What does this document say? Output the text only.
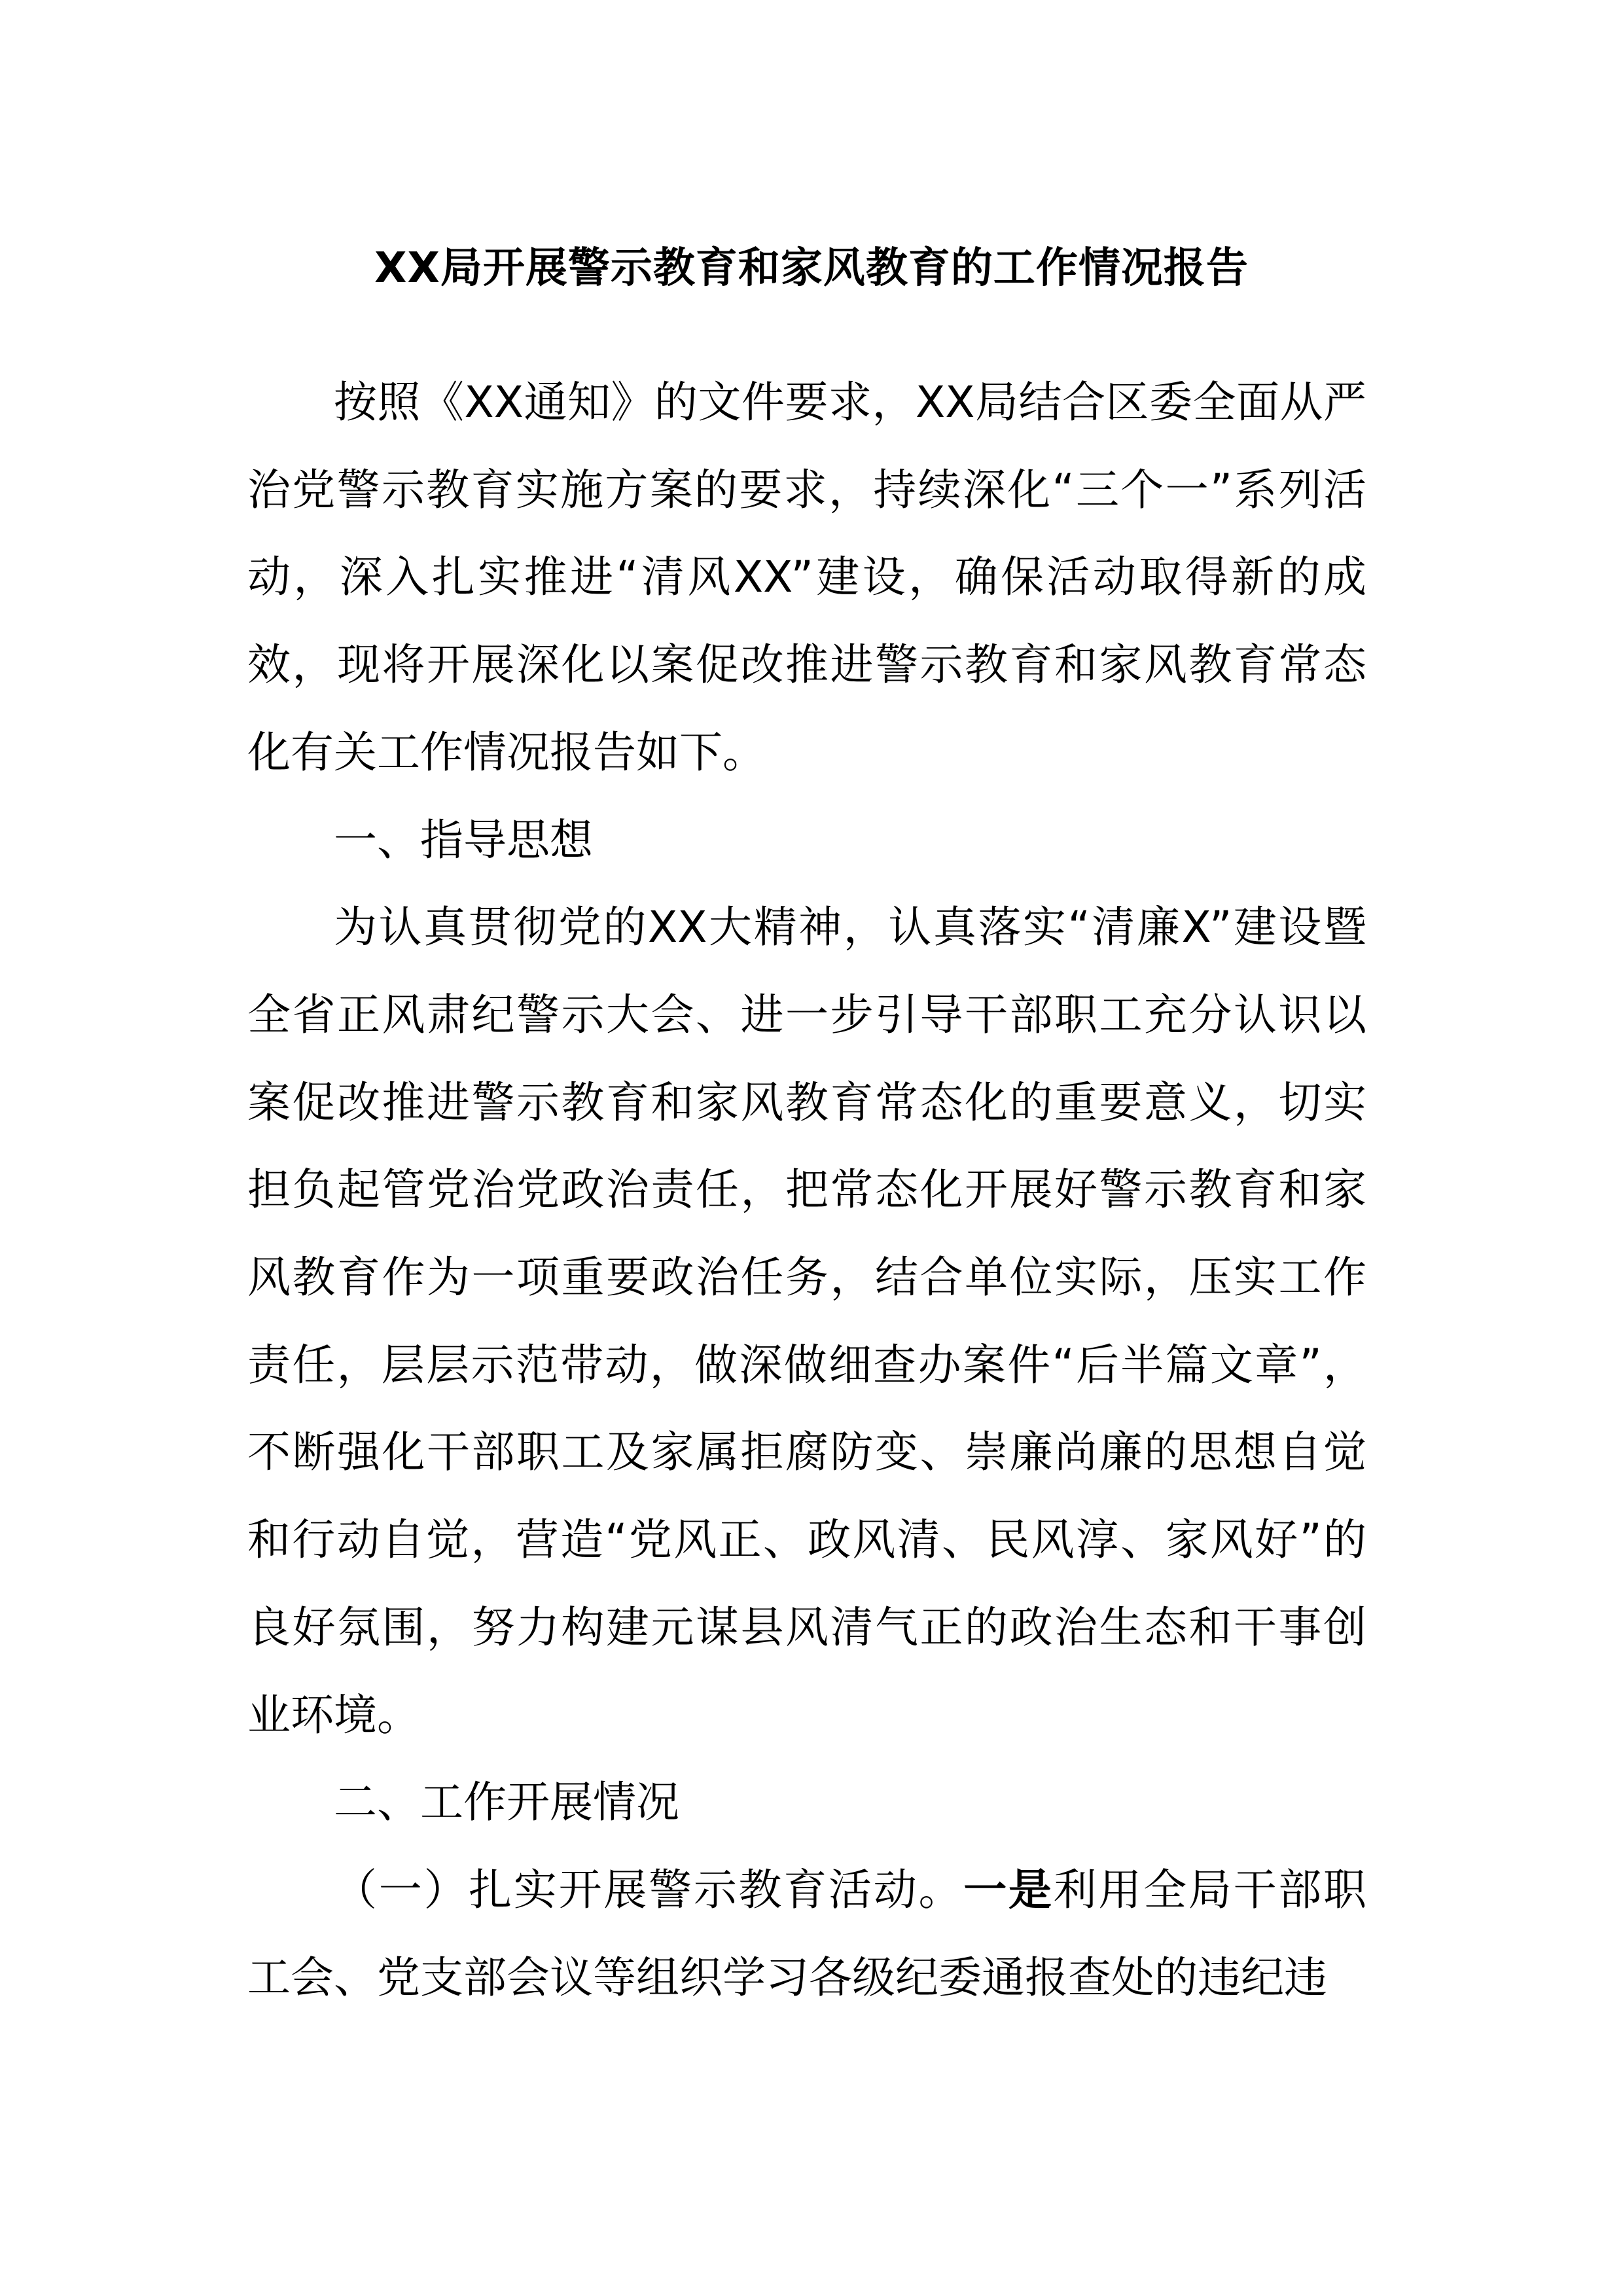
XX局开展警示教育和家风教育的工作情况报告

按照《XX通知》的文件要求，XX局结合区委全面从严治党警示教育实施方案的要求，持续深化“三个一”系列活动，深入扎实推进“清风XX”建设，确保活动取得新的成效，现将开展深化以案促改推进警示教育和家风教育常态化有关工作情况报告如下。

一、指导思想

为认真贯彻党的XX大精神，认真落实“清廉X”建设暨全省正风肃纪警示大会、进一步引导干部职工充分认识以案促改推进警示教育和家风教育常态化的重要意义，切实担负起管党治党政治责任，把常态化开展好警示教育和家风教育作为一项重要政治任务，结合单位实际，压实工作责任，层层示范带动，做深做细查办案件“后半篇文章”，不断强化干部职工及家属拒腐防变、崇廉尚廉的思想自觉和行动自觉，营造“党风正、政风清、民风淳、家风好”的良好氛围，努力构建元谋县风清气正的政治生态和干事创业环境。

二、工作开展情况

（一）扎实开展警示教育活动。一是利用全局干部职工会、党支部会议等组织学习各级纪委通报查处的违纪违
